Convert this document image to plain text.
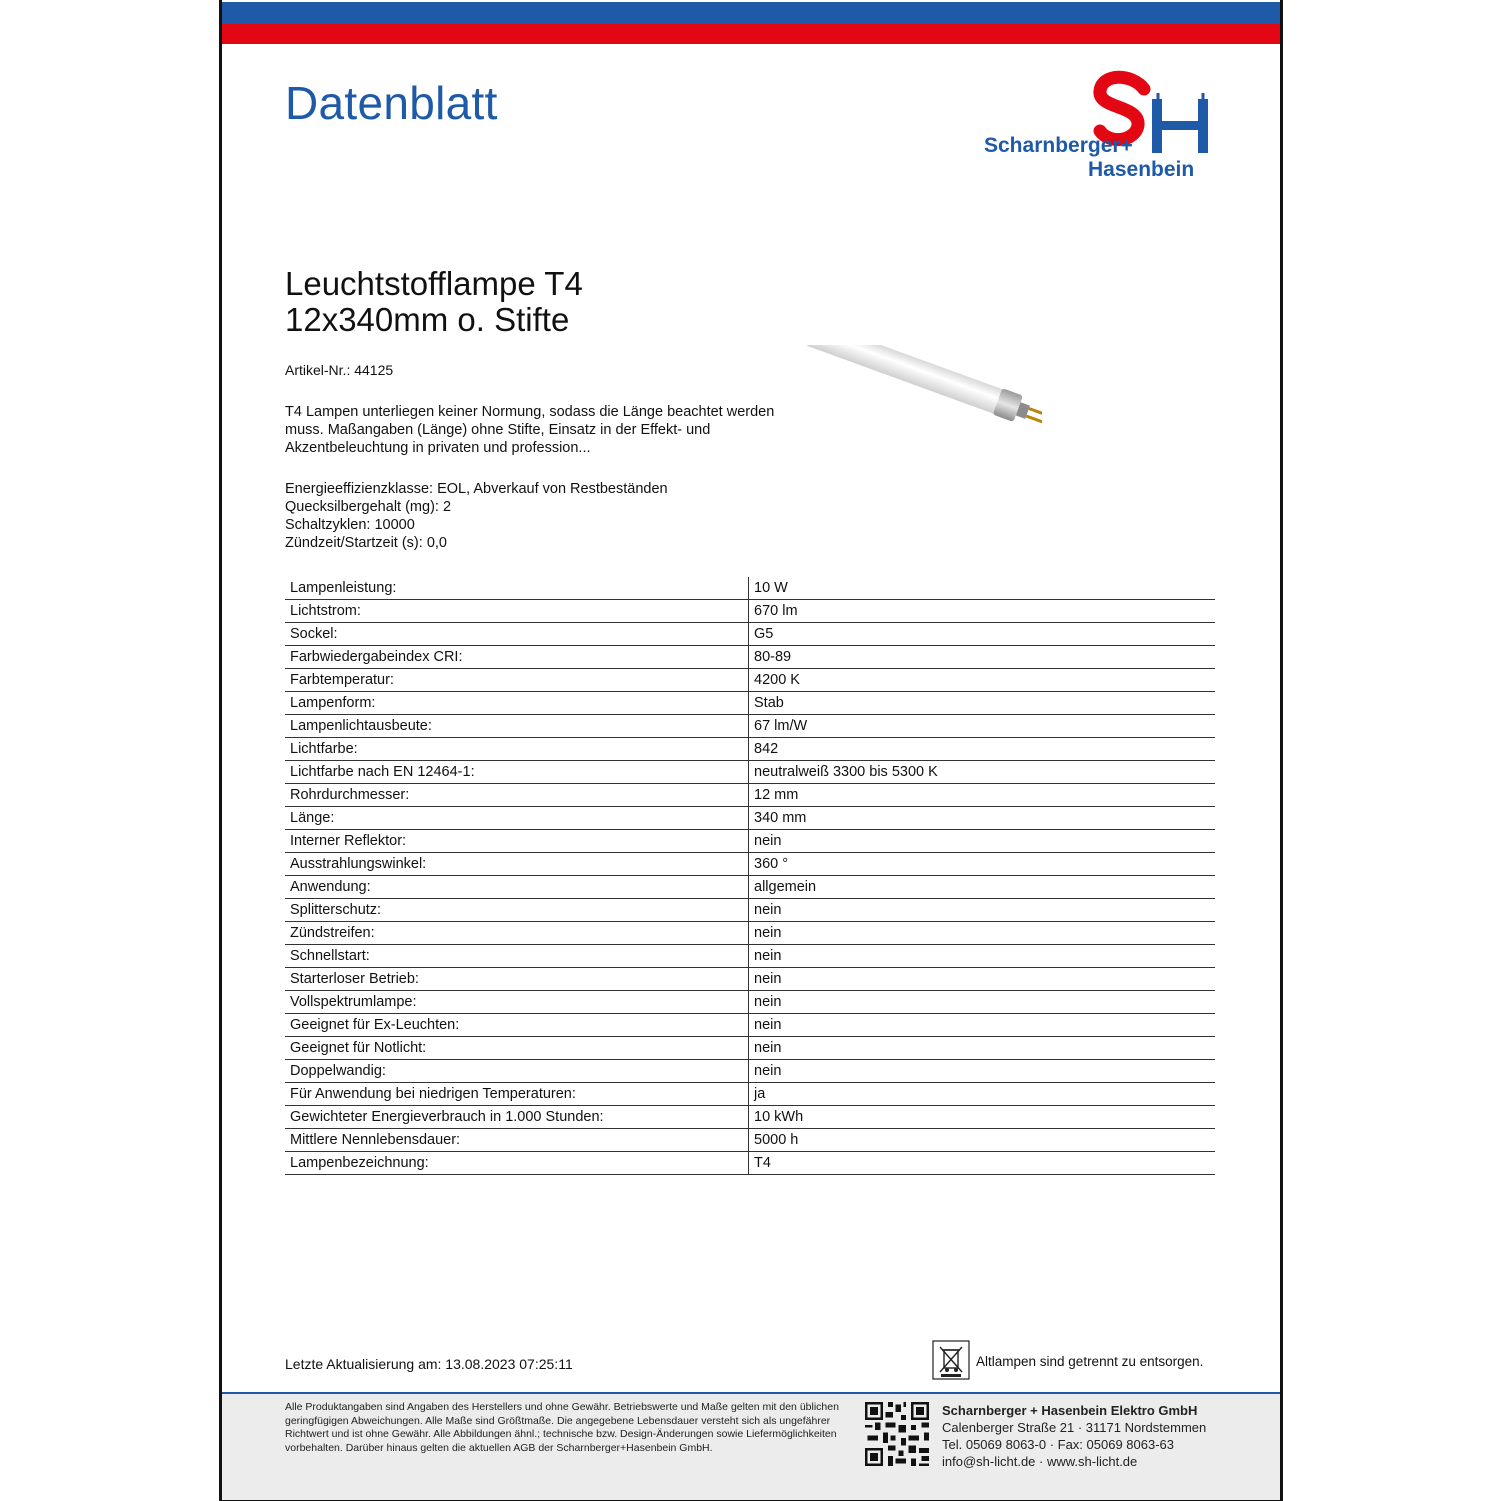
Datenblatt
Scharnberger+
Hasenbein
Leuchtstofflampe T4
12x340mm o. Stifte
Artikel-Nr.: 44125
T4 Lampen unterliegen keiner Normung, sodass die Länge beachtet werden muss. Maßangaben (Länge) ohne Stifte, Einsatz in der Effekt- und Akzentbeleuchtung in privaten und profession...
Energieeffizienzklasse: EOL, Abverkauf von Restbeständen
Quecksilbergehalt (mg): 2
Schaltzyklen: 10000
Zündzeit/Startzeit (s): 0,0
Lampenleistung:	10 W
Lichtstrom:	670 lm
Sockel:	G5
Farbwiedergabeindex CRI:	80-89
Farbtemperatur:	4200 K
Lampenform:	Stab
Lampenlichtausbeute:	67 lm/W
Lichtfarbe:	842
Lichtfarbe nach EN 12464-1:	neutralweiß 3300 bis 5300 K
Rohrdurchmesser:	12 mm
Länge:	340 mm
Interner Reflektor:	nein
Ausstrahlungswinkel:	360 °
Anwendung:	allgemein
Splitterschutz:	nein
Zündstreifen:	nein
Schnellstart:	nein
Starterloser Betrieb:	nein
Vollspektrumlampe:	nein
Geeignet für Ex-Leuchten:	nein
Geeignet für Notlicht:	nein
Doppelwandig:	nein
Für Anwendung bei niedrigen Temperaturen:	ja
Gewichteter Energieverbrauch in 1.000 Stunden:	10 kWh
Mittlere Nennlebensdauer:	5000 h
Lampenbezeichnung:	T4
Letzte Aktualisierung am: 13.08.2023 07:25:11	Altlampen sind getrennt zu entsorgen.
Alle Produktangaben sind Angaben des Herstellers und ohne Gewähr. Betriebswerte und Maße gelten mit den üblichen geringfügigen Abweichungen. Alle Maße sind Größtmaße. Die angegebene Lebensdauer versteht sich als ungefährer Richtwert und ist ohne Gewähr. Alle Abbildungen ähnl.; technische bzw. Design-Änderungen sowie Liefermöglichkeiten vorbehalten. Darüber hinaus gelten die aktuellen AGB der Scharnberger+Hasenbein GmbH.
Scharnberger + Hasenbein Elektro GmbH
Calenberger Straße 21 · 31171 Nordstemmen
Tel. 05069 8063-0 · Fax: 05069 8063-63
info@sh-licht.de · www.sh-licht.de
